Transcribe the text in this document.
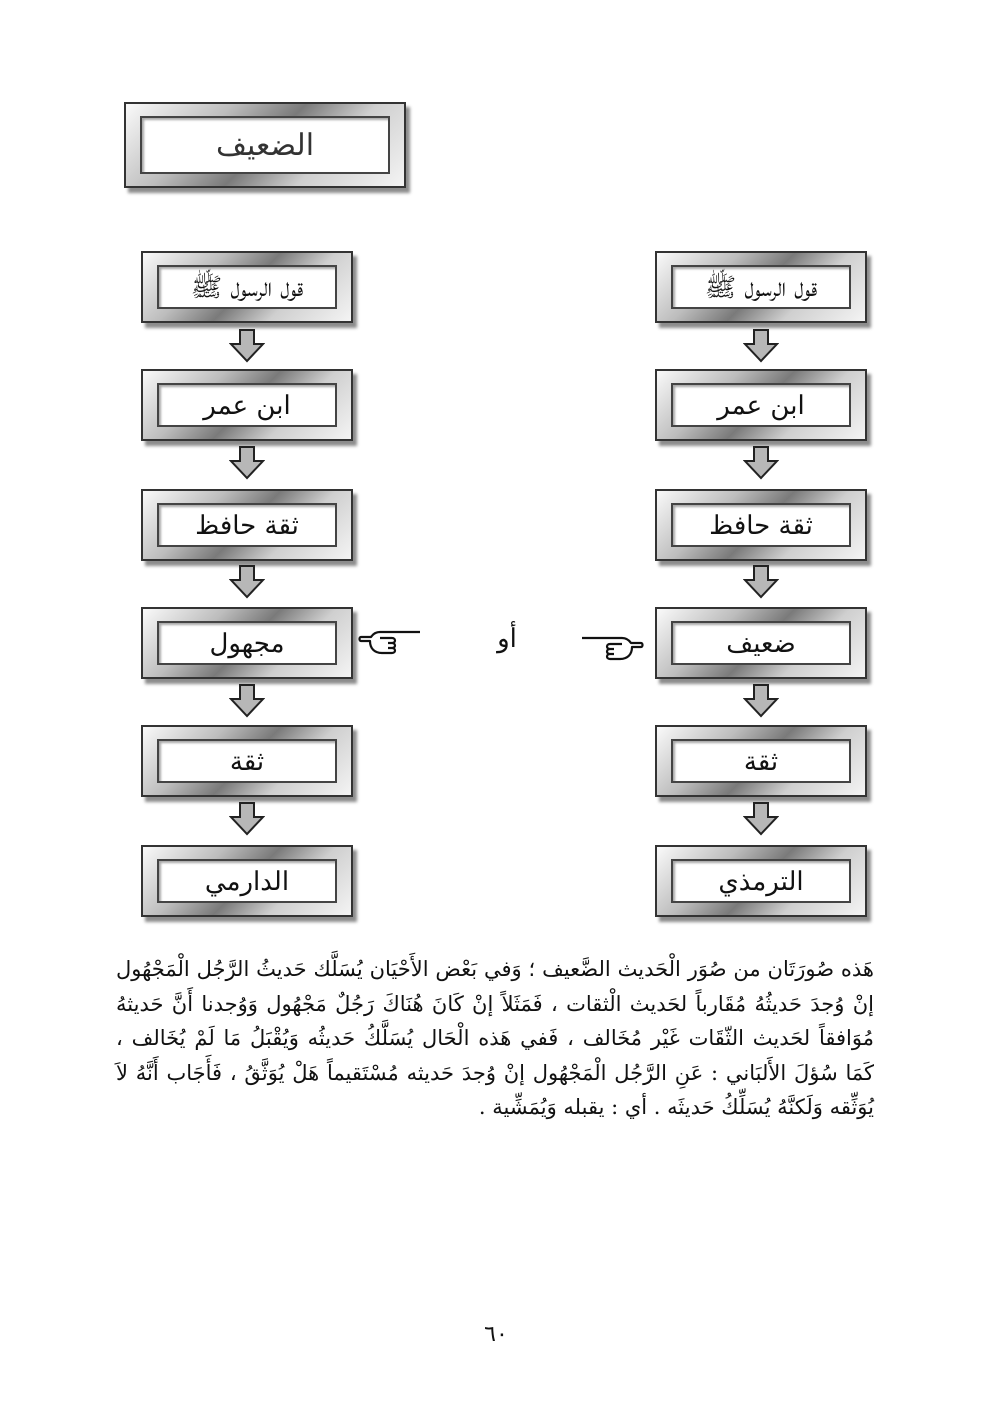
الضعيف
قول الرسول ﷺ
ابن عمر
ثقة حافظ
مجهول
ثقة
الدارمي
قول الرسول ﷺ
ابن عمر
ثقة حافظ
ضعيف
ثقة
الترمذي
أو
هَذه صُورَتَان من صُوَر الْحَديث الضَّعيف ؛ وَفي بَعْض الأَحْيَان يُسَلَّك حَديثُ الرَّجُل الْمَجْهُول إنْ وُجدَ حَديثُهُ مُقَارباً لحَديث الْثقات ، فَمَثَلاً إنْ كَانَ هُنَاكَ رَجُلٌ مَجْهُول وَوُجدنا أَنَّ حَديثهُ مُوَافقاً لحَديث الثّقَات غَيْر مُخَالف ، فَفي هَذه الْحَال يُسَلَّكُ حَديثُه وَيُقْبَلُ مَا لَمْ يُخَالف ، كَمَا سُؤلَ الأَلبَاني : عَنِ الرَّجُل الْمَجْهُول إنْ وُجدَ حَديثه مُسْتَقيماً هَلْ يُوَثَّقُ ، فَأَجَاب أَنَّهُ لاَ يُوَثِّقه وَلَكنَّهُ يُسَلِّكُ حَديثَه . أي : يقبله وَيُمَشِّية .
٦٠
